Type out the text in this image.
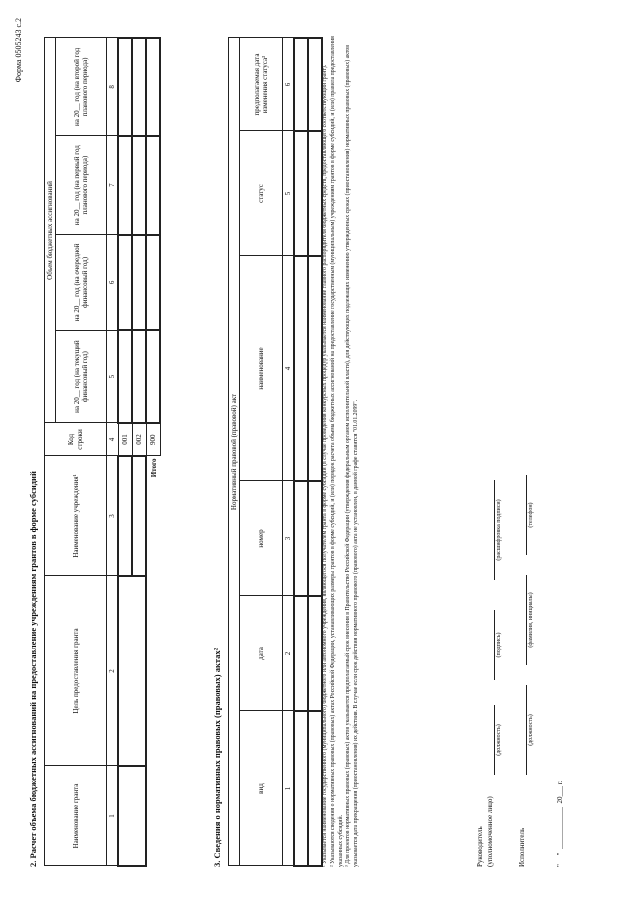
Форма 0505243 с.2
2. Расчет объема бюджетных ассигнований на предоставление учреждениям грантов в форме субсидий	Наименование гранта	Цель предоставления гранта	Наименование учреждения¹	Код строки	Объем бюджетных ассигнований			
				на 20__ год (на текущий финансовый год)	на 20__ год (на очередной финансовый год)	на 20__ год (на первый год планового периода)	на 20__ год (на второй год планового периода)
1	2	3	4	5	6	7	8
			001				
			002				
		Итого	900				
3. Сведения о нормативных правовых (правовых) актах²
Нормативный правовой (правовой) акт					
вид	дата	номер	наименование	статус	предполагаемая дата изменения статуса³
1	2	3	4	5	6

						¹ Указывается наименование государственного (муниципального) бюджетного или автономного учреждения, являющегося получателем гранта в форме субсидий (в случае проведения конкурсных процедур указывается наименование главного распорядителя бюджетных средств, предоставляющего соответствующий грант). ² Указываются сведения о нормативных правовых (правовых) актах Российской Федерации, устанавливающих размеры грантов в форме субсидий, и (или) порядок расчета объема бюджетных ассигнований на предоставление государственным (муниципальным) учреждениям грантов в форме субсидий, и (или) правила предоставления указанных субсидий. ³ Для проектов нормативных правовых (правовых) актов указывается предполагаемый срок внесения в Правительство Российской Федерации (утверждения федеральным органом исполнительной власти), для действующих подлежащих изменению утвержденных сроках (приостановления) нормативных правовых (правовых) актов указывается дата прекращения (приостановления) их действия. В случае если срок действия нормативного правового (правового) акта не установлен, в данной графе ставится "01.01.2099".	Руководитель (уполномоченное лицо)
(должность)
(подпись)
(расшифровка подписи)
Исполнитель
(должность)
(фамилия, инициалы)
(телефон)
"     "  ____________  20___ г.
